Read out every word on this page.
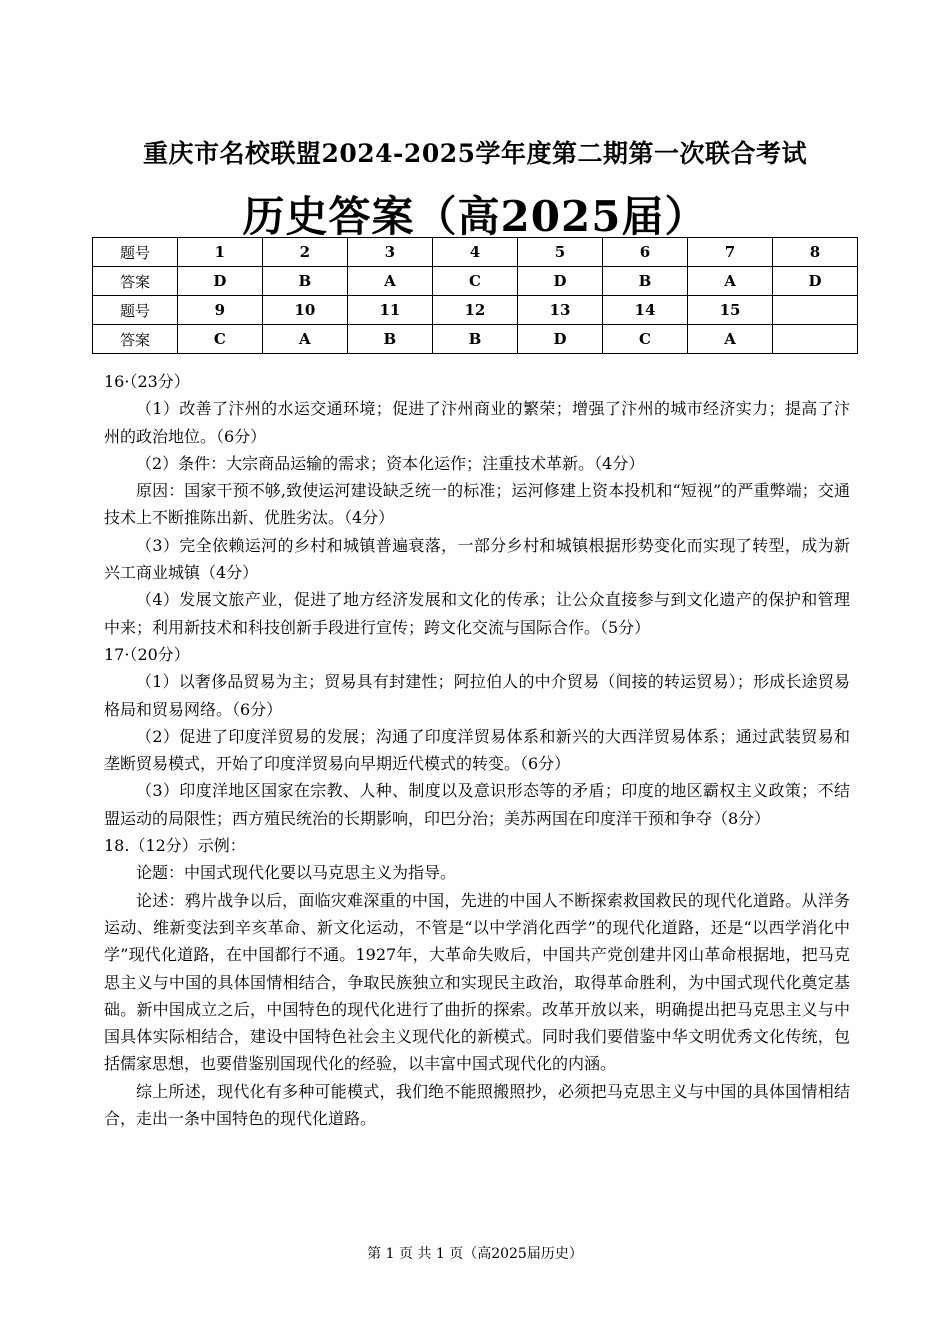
重庆市名校联盟2024-2025学年度第二期第一次联合考试
历史答案（高2025届）
题号	1	2	3	4	5	6	7	8
答案	D	B	A	C	D	B	A	D
题号	9	10	11	12	13	14	15	
答案	C	A	B	B	D	C	A	

16·（23分）

（1）改善了汴州的水运交通环境；促进了汴州商业的繁荣；增强了汴州的城市经济实力；提高了汴州的政治地位。（6分）

（2）条件：大宗商品运输的需求；资本化运作；注重技术革新。（4分）

原因：国家干预不够,致使运河建设缺乏统一的标准；运河修建上资本投机和“短视”的严重弊端；交通技术上不断推陈出新、优胜劣汰。（4分）

（3）完全依赖运河的乡村和城镇普遍衰落，一部分乡村和城镇根据形势变化而实现了转型，成为新兴工商业城镇（4分）

（4）发展文旅产业，促进了地方经济发展和文化的传承；让公众直接参与到文化遗产的保护和管理中来；利用新技术和科技创新手段进行宣传；跨文化交流与国际合作。（5分）

17·（20分）

（1）以奢侈品贸易为主；贸易具有封建性；阿拉伯人的中介贸易（间接的转运贸易）；形成长途贸易格局和贸易网络。（6分）

（2）促进了印度洋贸易的发展；沟通了印度洋贸易体系和新兴的大西洋贸易体系；通过武装贸易和垄断贸易模式，开始了印度洋贸易向早期近代模式的转变。（6分）

（3）印度洋地区国家在宗教、人种、制度以及意识形态等的矛盾；印度的地区霸权主义政策；不结盟运动的局限性；西方殖民统治的长期影响，印巴分治；美苏两国在印度洋干预和争夺（8分）

18.（12分）示例：

论题：中国式现代化要以马克思主义为指导。

论述：鸦片战争以后，面临灾难深重的中国，先进的中国人不断探索救国救民的现代化道路。从洋务运动、维新变法到辛亥革命、新文化运动，不管是“以中学消化西学”的现代化道路，还是“以西学消化中学”现代化道路，在中国都行不通。1927年，大革命失败后，中国共产党创建井冈山革命根据地，把马克思主义与中国的具体国情相结合，争取民族独立和实现民主政治，取得革命胜利，为中国式现代化奠定基础。新中国成立之后，中国特色的现代化进行了曲折的探索。改革开放以来，明确提出把马克思主义与中国具体实际相结合，建设中国特色社会主义现代化的新模式。同时我们要借鉴中华文明优秀文化传统，包括儒家思想，也要借鉴别国现代化的经验，以丰富中国式现代化的内涵。

综上所述，现代化有多种可能模式，我们绝不能照搬照抄，必须把马克思主义与中国的具体国情相结合，走出一条中国特色的现代化道路。

第 1 页 共 1 页（高2025届历史）
